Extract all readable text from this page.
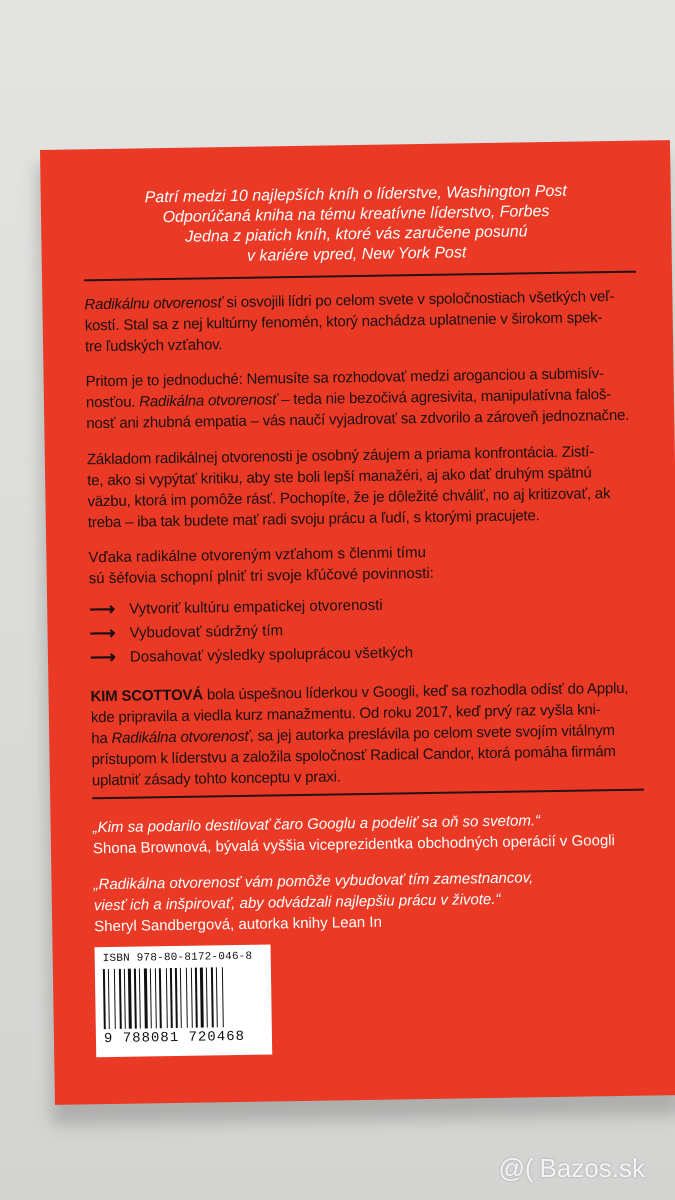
Patrí medzi 10 najlepších kníh o líderstve, Washington Post
Odporúčaná kniha na tému kreatívne líderstvo, Forbes
Jedna z piatich kníh, ktoré vás zaručene posunú
v kariére vpred, New York Post
Radikálnu otvorenosť si osvojili lídri po celom svete v spoločnostiach všetkých veľ-
kostí. Stal sa z nej kultúrny fenomén, ktorý nachádza uplatnenie v širokom spek-
tre ľudských vzťahov.
Pritom je to jednoduché: Nemusíte sa rozhodovať medzi aroganciou a submisív-
nosťou. Radikálna otvorenosť – teda nie bezočivá agresivita, manipulatívna faloš-
nosť ani zhubná empatia – vás naučí vyjadrovať sa zdvorilo a zároveň jednoznačne.
Základom radikálnej otvorenosti je osobný záujem a priama konfrontácia. Zistí-
te, ako si vypýtať kritiku, aby ste boli lepší manažéri, aj ako dať druhým spätnú
väzbu, ktorá im pomôže rásť. Pochopíte, že je dôležité chváliť, no aj kritizovať, ak
treba – iba tak budete mať radi svoju prácu a ľudí, s ktorými pracujete.
Vďaka radikálne otvoreným vzťahom s členmi tímu
sú šéfovia schopní plniť tri svoje kľúčové povinnosti:
⟶ Vytvoriť kultúru empatickej otvorenosti
⟶ Vybudovať súdržný tím
⟶ Dosahovať výsledky spoluprácou všetkých
KIM SCOTTOVÁ bola úspešnou líderkou v Googli, keď sa rozhodla odísť do Applu,
kde pripravila a viedla kurz manažmentu. Od roku 2017, keď prvý raz vyšla kni-
ha Radikálna otvorenosť, sa jej autorka preslávila po celom svete svojím vitálnym
prístupom k líderstvu a založila spoločnosť Radical Candor, ktorá pomáha firmám
uplatniť zásady tohto konceptu v praxi.
„Kim sa podarilo destilovať čaro Googlu a podeliť sa oň so svetom.“
Shona Brownová, bývalá vyššia viceprezidentka obchodných operácií v Googli
„Radikálna otvorenosť vám pomôže vybudovať tím zamestnancov,
viesť ich a inšpirovať, aby odvádzali najlepšiu prácu v živote.“
Sheryl Sandbergová, autorka knihy Lean In
ISBN 978-80-8172-046-8
9 788081 720468
@( Bazos.sk
